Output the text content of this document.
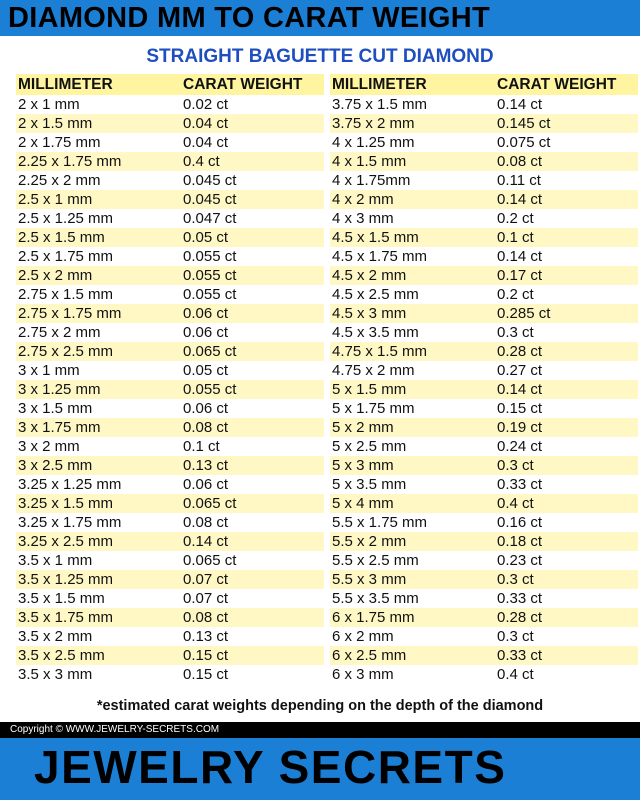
DIAMOND MM TO CARAT WEIGHT
STRAIGHT BAGUETTE CUT DIAMOND
MILLIMETER	CARAT WEIGHT
2 x 1 mm	0.02 ct
2 x 1.5 mm	0.04 ct
2 x 1.75 mm	0.04 ct
2.25 x 1.75 mm	0.4 ct
2.25 x 2 mm	0.045 ct
2.5 x 1 mm	0.045 ct
2.5 x 1.25 mm	0.047 ct
2.5 x 1.5 mm	0.05 ct
2.5 x 1.75 mm	0.055 ct
2.5 x 2 mm	0.055 ct
2.75 x 1.5 mm	0.055 ct
2.75 x 1.75 mm	0.06 ct
2.75 x 2 mm	0.06 ct
2.75 x 2.5 mm	0.065 ct
3 x 1 mm	0.05 ct
3 x 1.25 mm	0.055 ct
3 x 1.5 mm	0.06 ct
3 x 1.75 mm	0.08 ct
3 x 2 mm	0.1 ct
3 x 2.5 mm	0.13 ct
3.25 x 1.25 mm	0.06 ct
3.25 x 1.5 mm	0.065 ct
3.25 x 1.75 mm	0.08 ct
3.25 x 2.5 mm	0.14 ct
3.5 x 1 mm	0.065 ct
3.5 x 1.25 mm	0.07 ct
3.5 x 1.5 mm	0.07 ct
3.5 x 1.75 mm	0.08 ct
3.5 x 2 mm	0.13 ct
3.5 x 2.5 mm	0.15 ct
3.5 x 3 mm	0.15 ct
MILLIMETER	CARAT WEIGHT
3.75 x 1.5 mm	0.14 ct
3.75 x 2 mm	0.145 ct
4 x 1.25 mm	0.075 ct
4 x 1.5 mm	0.08 ct
4 x 1.75mm	0.11 ct
4 x 2 mm	0.14 ct
4 x 3 mm	0.2 ct
4.5 x 1.5 mm	0.1 ct
4.5 x 1.75 mm	0.14 ct
4.5 x 2 mm	0.17 ct
4.5 x 2.5 mm	0.2 ct
4.5 x 3 mm	0.285 ct
4.5 x 3.5 mm	0.3 ct
4.75 x 1.5 mm	0.28 ct
4.75 x 2 mm	0.27 ct
5 x 1.5 mm	0.14 ct
5 x 1.75 mm	0.15 ct
5 x 2 mm	0.19 ct
5 x 2.5 mm	0.24 ct
5 x 3 mm	0.3 ct
5 x 3.5 mm	0.33 ct
5 x 4 mm	0.4 ct
5.5 x 1.75 mm	0.16 ct
5.5 x 2 mm	0.18 ct
5.5 x 2.5 mm	0.23 ct
5.5 x 3 mm	0.3 ct
5.5 x 3.5 mm	0.33 ct
6 x 1.75 mm	0.28 ct
6 x 2 mm	0.3 ct
6 x 2.5 mm	0.33 ct
6 x 3 mm	0.4 ct
*estimated carat weights depending on the depth of the diamond
Copyright © WWW.JEWELRY-SECRETS.COM
JEWELRY SECRETS
